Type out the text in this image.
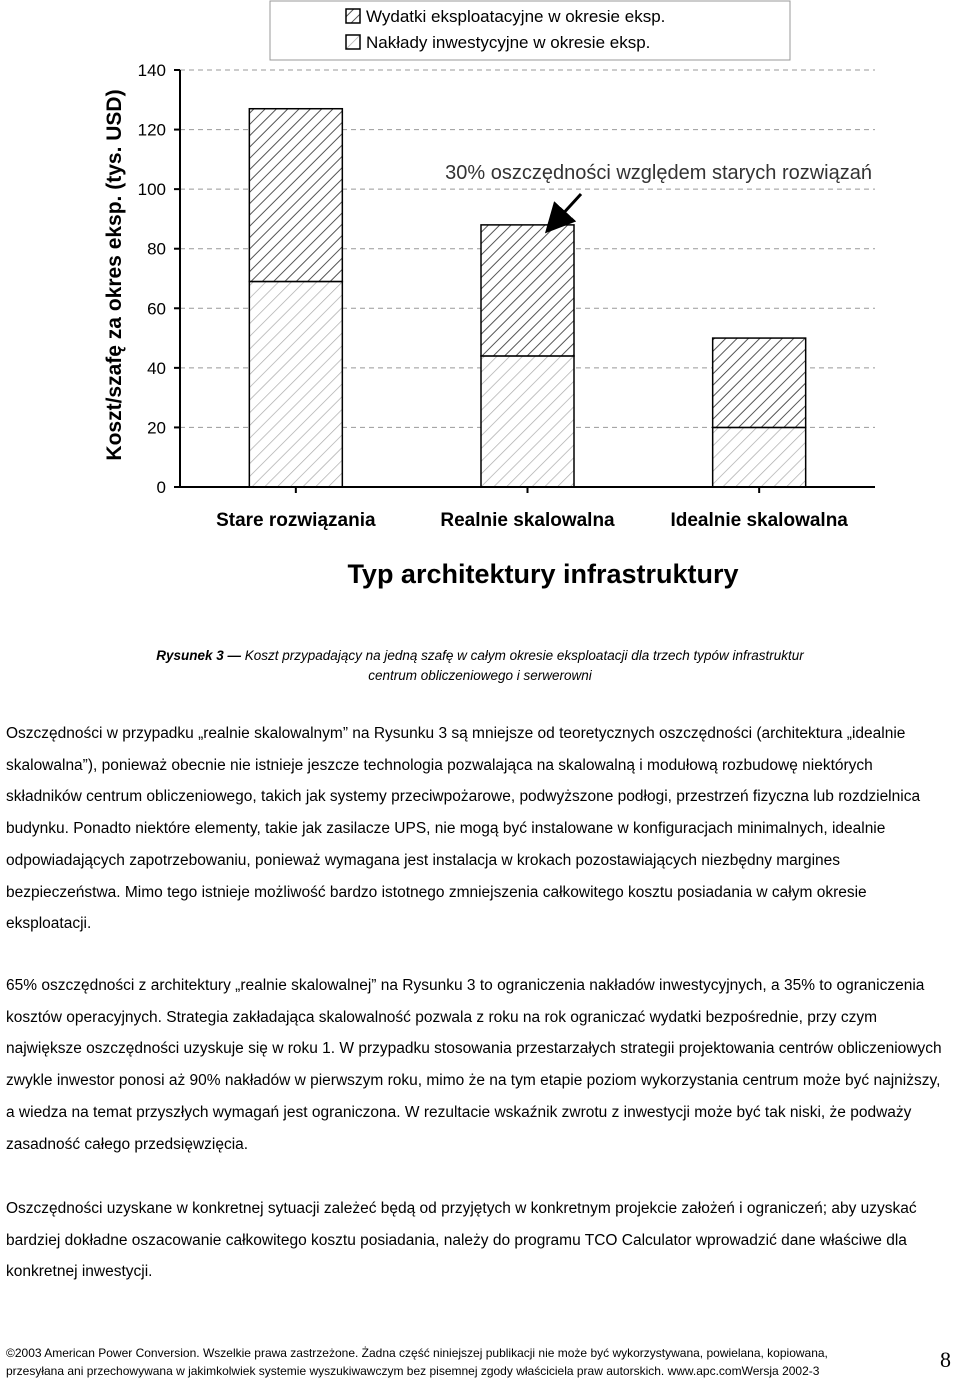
0
20
40
60
80
100
120
140
Stare rozwiązania	Realnie skalowalna	Idealnie skalowalna
Koszt/szafę za okres eksp. (tys. USD)
Typ architektury infrastruktury
Wydatki eksploatacyjne w okresie eksp.
Nakłady inwestycyjne w okresie eksp.
30% oszczędności względem starych rozwiązań
Rysunek 3 — Koszt przypadający na jedną szafę w całym okresie eksploatacji dla trzech typów infrastruktur
centrum obliczeniowego i serwerowni

Oszczędności w przypadku „realnie skalowalnym” na Rysunku 3 są mniejsze od teoretycznych oszczędności (architektura „idealnie skalowalna”), ponieważ obecnie nie istnieje jeszcze technologia pozwalająca na skalowalną i modułową rozbudowę niektórych składników centrum obliczeniowego, takich jak systemy przeciwpożarowe, podwyższone podłogi, przestrzeń fizyczna lub rozdzielnica budynku. Ponadto niektóre elementy, takie jak zasilacze UPS, nie mogą być instalowane w konfiguracjach minimalnych, idealnie odpowiadających zapotrzebowaniu, ponieważ wymagana jest instalacja w krokach pozostawiających niezbędny margines bezpieczeństwa. Mimo tego istnieje możliwość bardzo istotnego zmniejszenia całkowitego kosztu posiadania w całym okresie eksploatacji.

65% oszczędności z architektury „realnie skalowalnej” na Rysunku 3 to ograniczenia nakładów inwestycyjnych, a 35% to ograniczenia kosztów operacyjnych. Strategia zakładająca skalowalność pozwala z roku na rok ograniczać wydatki bezpośrednie, przy czym największe oszczędności uzyskuje się w roku 1. W przypadku stosowania przestarzałych strategii projektowania centrów obliczeniowych zwykle inwestor ponosi aż 90% nakładów w pierwszym roku, mimo że na tym etapie poziom wykorzystania centrum może być najniższy, a wiedza na temat przyszłych wymagań jest ograniczona. W rezultacie wskaźnik zwrotu z inwestycji może być tak niski, że podważy zasadność całego przedsięwzięcia.

Oszczędności uzyskane w konkretnej sytuacji zależeć będą od przyjętych w konkretnym projekcie założeń i ograniczeń; aby uzyskać bardziej dokładne oszacowanie całkowitego kosztu posiadania, należy do programu TCO Calculator wprowadzić dane właściwe dla konkretnej inwestycji.

©2003 American Power Conversion. Wszelkie prawa zastrzeżone. Żadna część niniejszej publikacji nie może być wykorzystywana, powielana, kopiowana,
przesyłana ani przechowywana w jakimkolwiek systemie wyszukiwawczym bez pisemnej zgody właściciela praw autorskich. www.apc.comWersja 2002-3	8
